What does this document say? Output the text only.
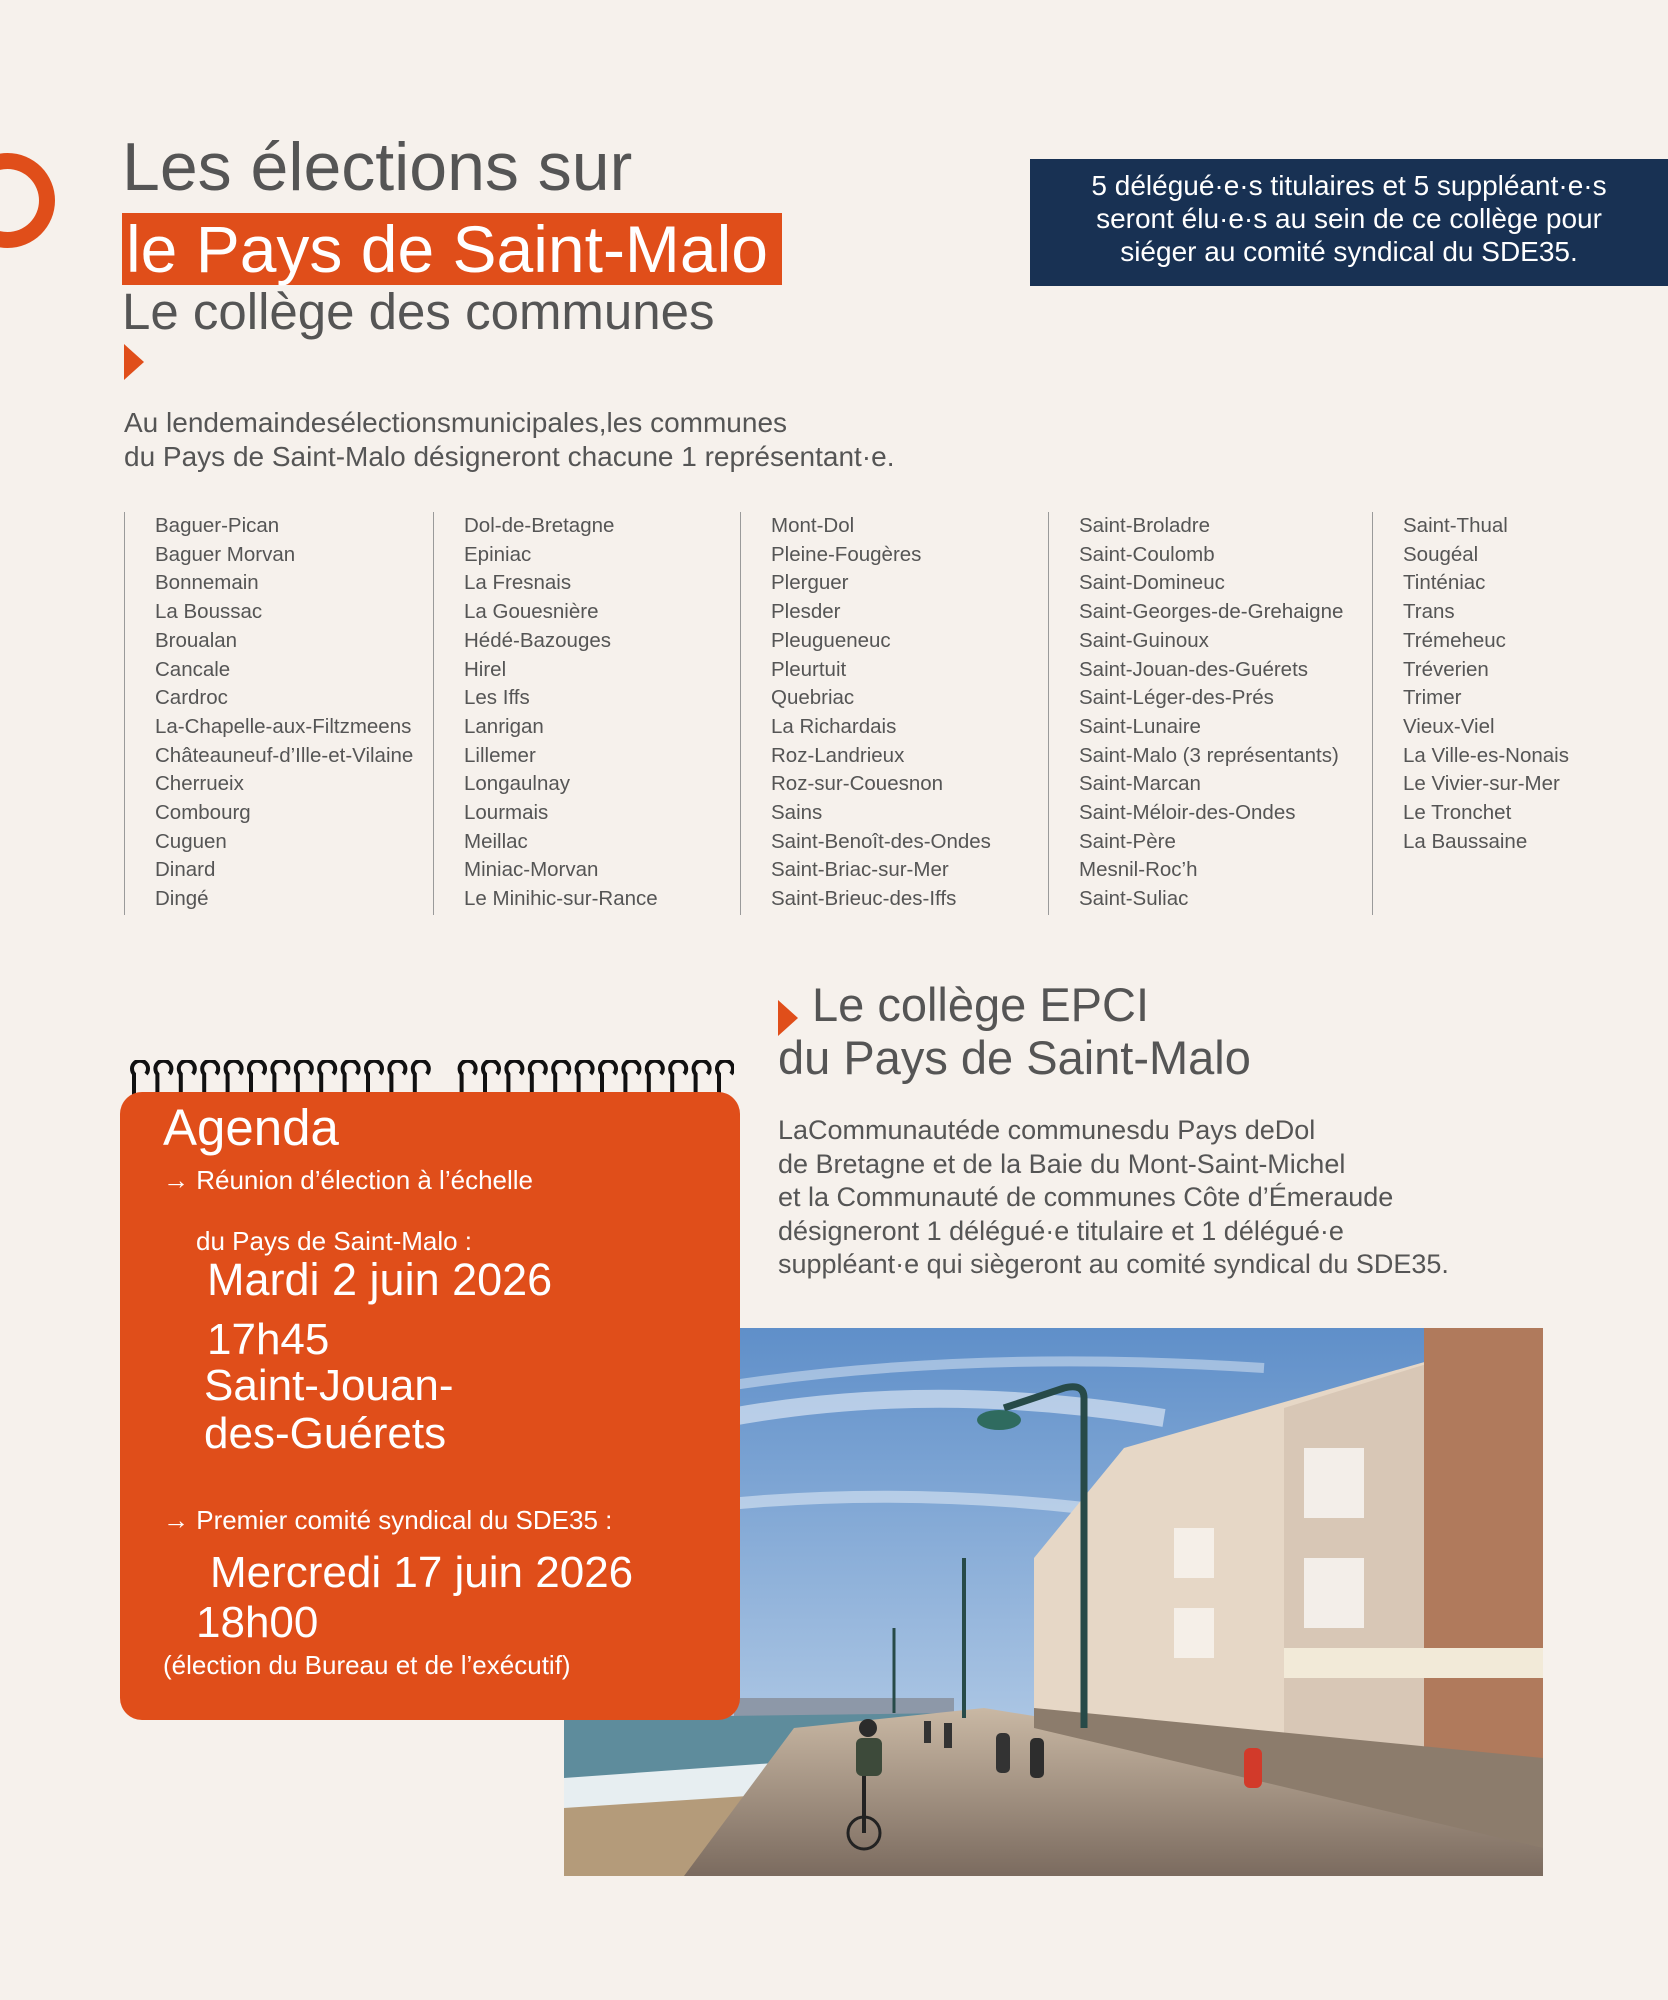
Les élections sur
le Pays de Saint-Malo
Le collège des communes
5 délégué·e·s titulaires et 5 suppléant·e·s
seront élu·e·s au sein de ce collège pour
siéger au comité syndical du SDE35.
Au lendemaindesélectionsmunicipales,les communes
du Pays de Saint-Malo désigneront chacune 1 représentant·e.
Baguer-Pican
Baguer Morvan
Bonnemain
La Boussac
Broualan
Cancale
Cardroc
La-Chapelle-aux-Filtzmeens
Châteauneuf-d’Ille-et-Vilaine
Cherrueix
Combourg
Cuguen
Dinard
Dingé
Dol-de-Bretagne
Epiniac
La Fresnais
La Gouesnière
Hédé-Bazouges
Hirel
Les Iffs
Lanrigan
Lillemer
Longaulnay
Lourmais
Meillac
Miniac-Morvan
Le Minihic-sur-Rance
Mont-Dol
Pleine-Fougères
Plerguer
Plesder
Pleugueneuc
Pleurtuit
Quebriac
La Richardais
Roz-Landrieux
Roz-sur-Couesnon
Sains
Saint-Benoît-des-Ondes
Saint-Briac-sur-Mer
Saint-Brieuc-des-Iffs
Saint-Broladre
Saint-Coulomb
Saint-Domineuc
Saint-Georges-de-Grehaigne
Saint-Guinoux
Saint-Jouan-des-Guérets
Saint-Léger-des-Prés
Saint-Lunaire
Saint-Malo (3 représentants)
Saint-Marcan
Saint-Méloir-des-Ondes
Saint-Père
Mesnil-Roc’h
Saint-Suliac
Saint-Thual
Sougéal
Tinténiac
Trans
Trémeheuc
Tréverien
Trimer
Vieux-Viel
La Ville-es-Nonais
Le Vivier-sur-Mer
Le Tronchet
La Baussaine
Le collège EPCI
du Pays de Saint-Malo
LaCommunautéde communesdu Pays deDol
de Bretagne et de la Baie du Mont-Saint-Michel
et la Communauté de communes Côte d’Émeraude
désigneront 1 délégué·e titulaire et 1 délégué·e
suppléant·e qui siègeront au comité syndical du SDE35.
Agenda
→ Réunion d’élection à l’échelle
du Pays de Saint-Malo :
Mardi 2 juin 2026
17h45
Saint-Jouan-
des-Guérets
→ Premier comité syndical du SDE35 :
Mercredi 17 juin 2026
18h00
(élection du Bureau et de l’exécutif)
